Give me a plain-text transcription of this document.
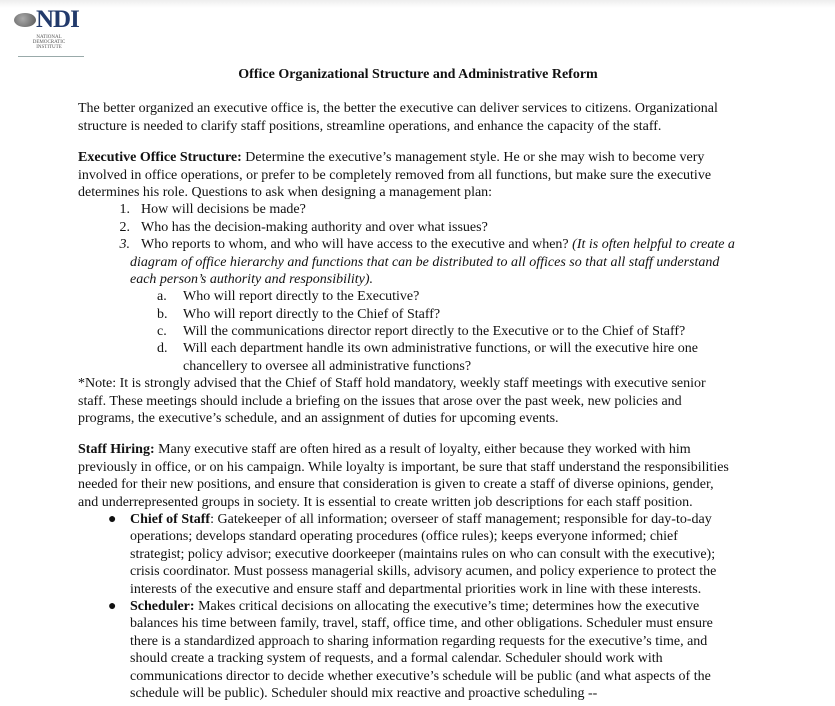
NDI
NATIONAL DEMOCRATIC INSTITUTE
Office Organizational Structure and Administrative Reform
The better organized an executive office is, the better the executive can deliver services to citizens. Organizational
structure is needed to clarify staff positions, streamline operations, and enhance the capacity of the staff.
Executive Office Structure: Determine the executive’s management style. He or she may wish to become very
involved in office operations, or prefer to be completely removed from all functions, but make sure the executive
determines his role. Questions to ask when designing a management plan:
1. How will decisions be made?
2. Who has the decision-making authority and over what issues?
3. Who reports to whom, and who will have access to the executive and when? (It is often helpful to create a
diagram of office hierarchy and functions that can be distributed to all offices so that all staff understand
each person’s authority and responsibility).
a. Who will report directly to the Executive?
b. Who will report directly to the Chief of Staff?
c. Will the communications director report directly to the Executive or to the Chief of Staff?
d. Will each department handle its own administrative functions, or will the executive hire one
chancellery to oversee all administrative functions?
*Note: It is strongly advised that the Chief of Staff hold mandatory, weekly staff meetings with executive senior
staff. These meetings should include a briefing on the issues that arose over the past week, new policies and
programs, the executive’s schedule, and an assignment of duties for upcoming events.
Staff Hiring: Many executive staff are often hired as a result of loyalty, either because they worked with him
previously in office, or on his campaign. While loyalty is important, be sure that staff understand the responsibilities
needed for their new positions, and ensure that consideration is given to create a staff of diverse opinions, gender,
and underrepresented groups in society. It is essential to create written job descriptions for each staff position.
● Chief of Staff: Gatekeeper of all information; overseer of staff management; responsible for day-to-day
operations; develops standard operating procedures (office rules); keeps everyone informed; chief
strategist; policy advisor; executive doorkeeper (maintains rules on who can consult with the executive);
crisis coordinator. Must possess managerial skills, advisory acumen, and policy experience to protect the
interests of the executive and ensure staff and departmental priorities work in line with these interests.
● Scheduler: Makes critical decisions on allocating the executive’s time; determines how the executive
balances his time between family, travel, staff, office time, and other obligations. Scheduler must ensure
there is a standardized approach to sharing information regarding requests for the executive’s time, and
should create a tracking system of requests, and a formal calendar. Scheduler should work with
communications director to decide whether executive’s schedule will be public (and what aspects of the
schedule will be public). Scheduler should mix reactive and proactive scheduling --
